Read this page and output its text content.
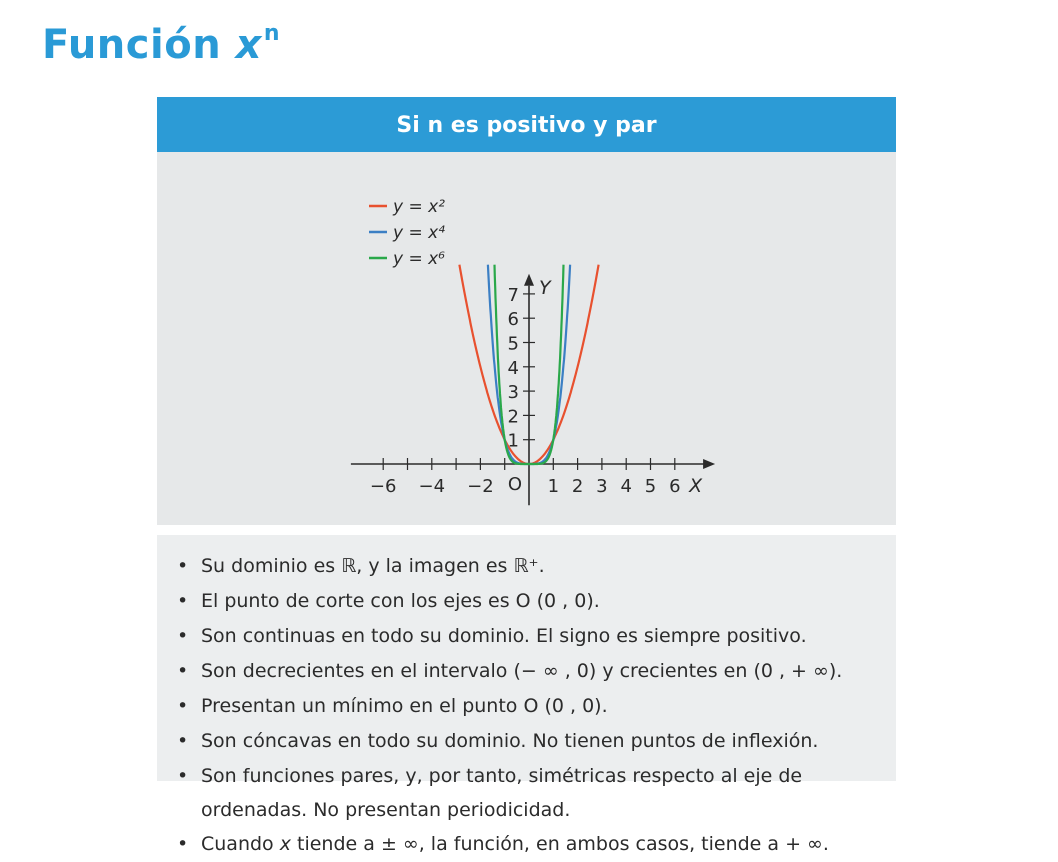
Función $x^n$
Si n es positivo y par
−6 −4 −2	1 2 3 4 5 6
1
2
3
4
5
6
7
O	X
Y
y = x²
y = x⁴
y = x⁶
• Su dominio es ℝ, y la imagen es ℝ⁺.
• El punto de corte con los ejes es O (0 , 0).
• Son continuas en todo su dominio. El signo es siempre positivo.
• Son decrecientes en el intervalo (− ∞ , 0) y crecientes en (0 , + ∞).
• Presentan un mínimo en el punto O (0 , 0).
• Son cóncavas en todo su dominio. No tienen puntos de inflexión.
• Son funciones pares, y, por tanto, simétricas respecto al eje de ordenadas. No presentan periodicidad.
• Cuando x tiende a ± ∞, la función, en ambos casos, tiende a + ∞.
